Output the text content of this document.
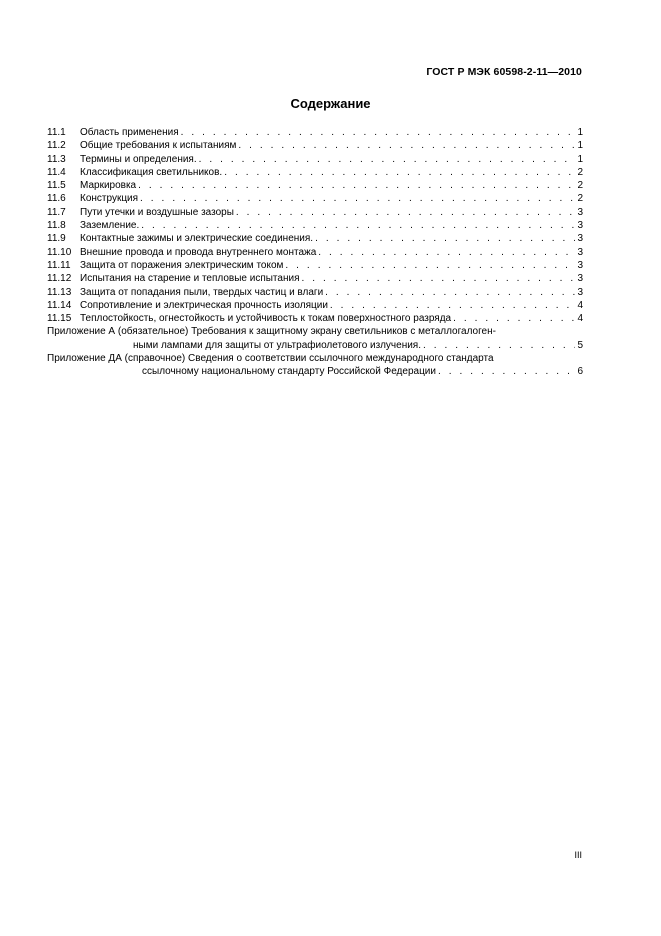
ГОСТ Р МЭК 60598-2-11—2010
Содержание
11.1	Область применения . . .	1
11.2	Общие требования к испытаниям . . .	1
11.3	Термины и определения. . . .	1
11.4	Классификация светильников. . . .	2
11.5	Маркировка . . .	2
11.6	Конструкция . . .	2
11.7	Пути утечки и воздушные зазоры . . .	3
11.8	Заземление. . . .	3
11.9	Контактные зажимы и электрические соединения. . . .	3
11.10 Внешние провода и провода внутреннего монтажа . . .	3
11.11 Защита от поражения электрическим током . . .	3
11.12 Испытания на старение и тепловые испытания . . .	3
11.13 Защита от попадания пыли, твердых частиц и влаги . . .	3
11.14 Сопротивление и электрическая прочность изоляции . . .	4
11.15 Теплостойкость, огнестойкость и устойчивость к токам поверхностного разряда . . .	4
Приложение А (обязательное) Требования к защитному экрану светильников с металлогалоген-
ными лампами для защиты от ультрафиолетового излучения. . . .	5
Приложение ДА (справочное) Сведения о соответствии ссылочного международного стандарта
ссылочному национальному стандарту Российской Федерации . . .	6
III
